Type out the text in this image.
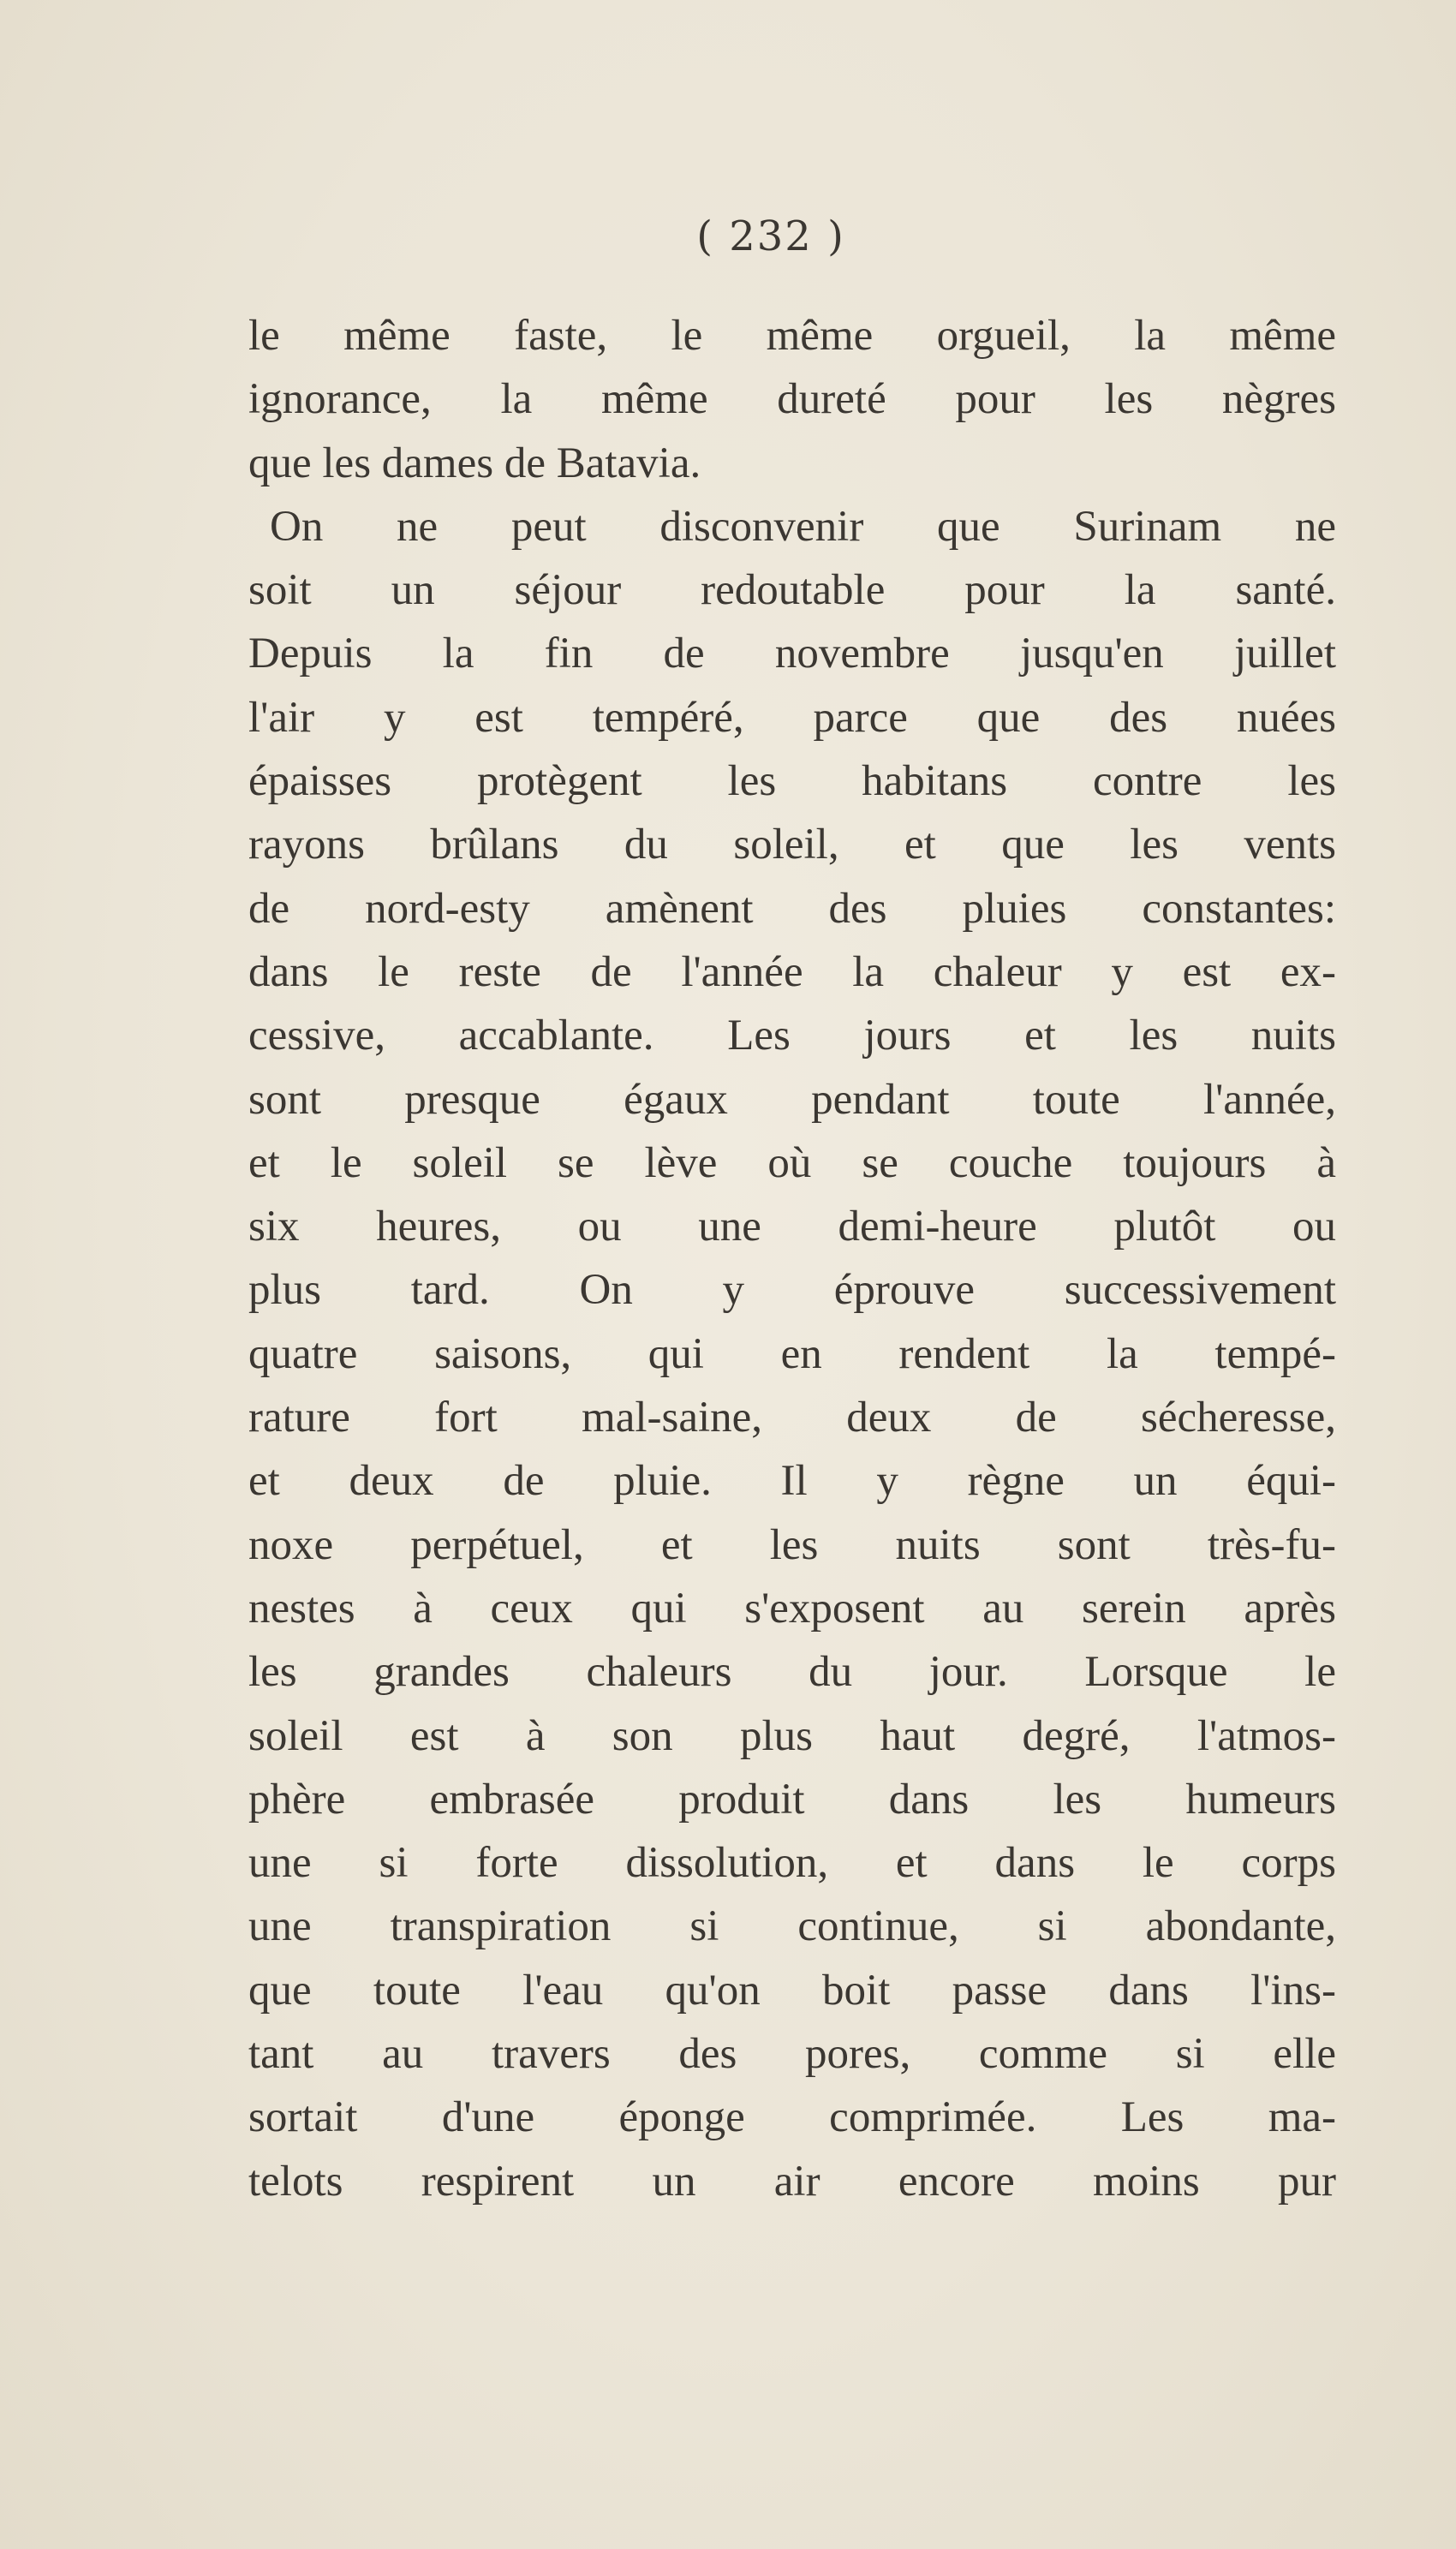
( 232 )
le même faste, le même orgueil, la même
ignorance, la même dureté pour les nègres
que les dames de Batavia.
On ne peut disconvenir que Surinam ne
soit un séjour redoutable pour la santé.
Depuis la fin de novembre jusqu'en juillet
l'air y est tempéré, parce que des nuées
épaisses protègent les habitans contre les
rayons brûlans du soleil, et que les vents
de nord-esty amènent des pluies constantes:
dans le reste de l'année la chaleur y est ex-
cessive, accablante. Les jours et les nuits
sont presque égaux pendant toute l'année,
et le soleil se lève où se couche toujours à
six heures, ou une demi-heure plutôt ou
plus tard. On y éprouve successivement
quatre saisons, qui en rendent la tempé-
rature fort mal-saine, deux de sécheresse,
et deux de pluie. Il y règne un équi-
noxe perpétuel, et les nuits sont très-fu-
nestes à ceux qui s'exposent au serein après
les grandes chaleurs du jour. Lorsque le
soleil est à son plus haut degré, l'atmos-
phère embrasée produit dans les humeurs
une si forte dissolution, et dans le corps
une transpiration si continue, si abondante,
que toute l'eau qu'on boit passe dans l'ins-
tant au travers des pores, comme si elle
sortait d'une éponge comprimée. Les ma-
telots respirent un air encore moins pur
